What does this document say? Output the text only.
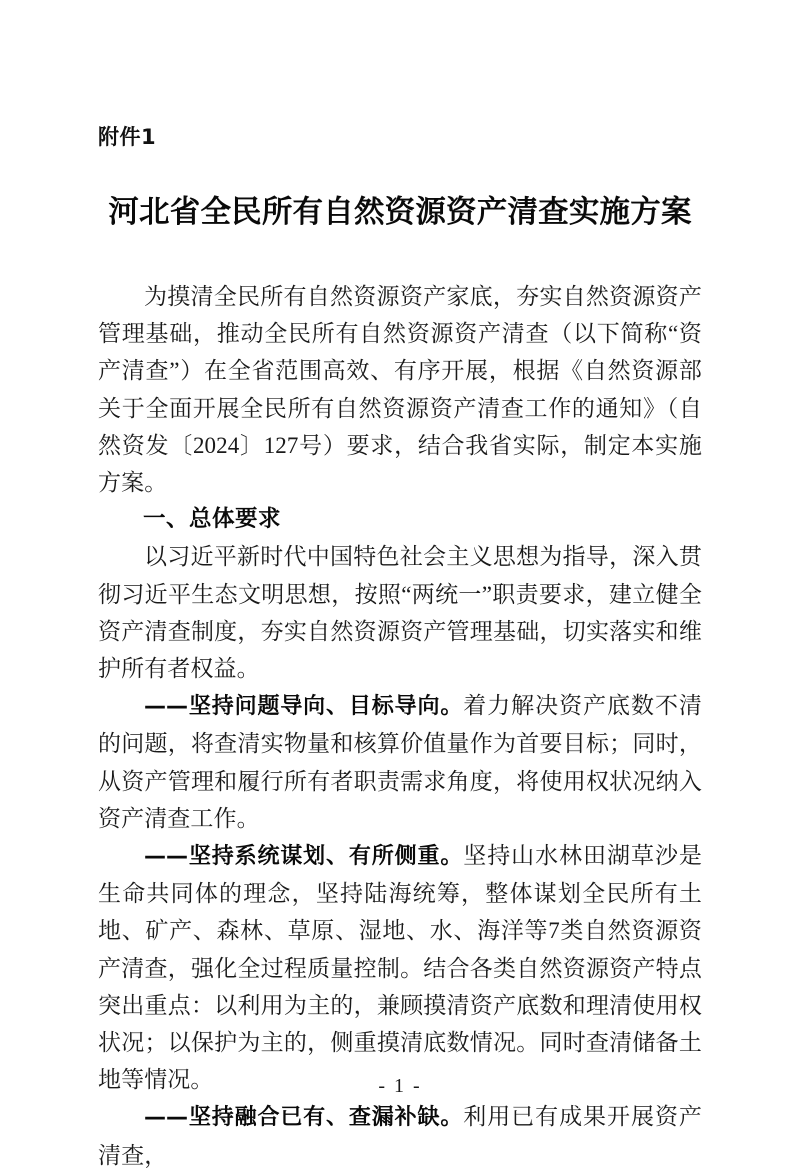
附件1
河北省全民所有自然资源资产清查实施方案

为摸清全民所有自然资源资产家底，夯实自然资源资产管理基础，推动全民所有自然资源资产清查（以下简称“资产清查”）在全省范围高效、有序开展，根据《自然资源部关于全面开展全民所有自然资源资产清查工作的通知》（自然资发〔2024〕127号）要求，结合我省实际，制定本实施方案。

一、总体要求

以习近平新时代中国特色社会主义思想为指导，深入贯彻习近平生态文明思想，按照“两统一”职责要求，建立健全资产清查制度，夯实自然资源资产管理基础，切实落实和维护所有者权益。

——坚持问题导向、目标导向。着力解决资产底数不清的问题，将查清实物量和核算价值量作为首要目标；同时，从资产管理和履行所有者职责需求角度，将使用权状况纳入资产清查工作。

——坚持系统谋划、有所侧重。坚持山水林田湖草沙是生命共同体的理念，坚持陆海统筹，整体谋划全民所有土地、矿产、森林、草原、湿地、水、海洋等7类自然资源资产清查，强化全过程质量控制。结合各类自然资源资产特点突出重点：以利用为主的，兼顾摸清资产底数和理清使用权状况；以保护为主的，侧重摸清底数情况。同时查清储备土地等情况。

——坚持融合已有、查漏补缺。利用已有成果开展资产清查，

- 1 -
